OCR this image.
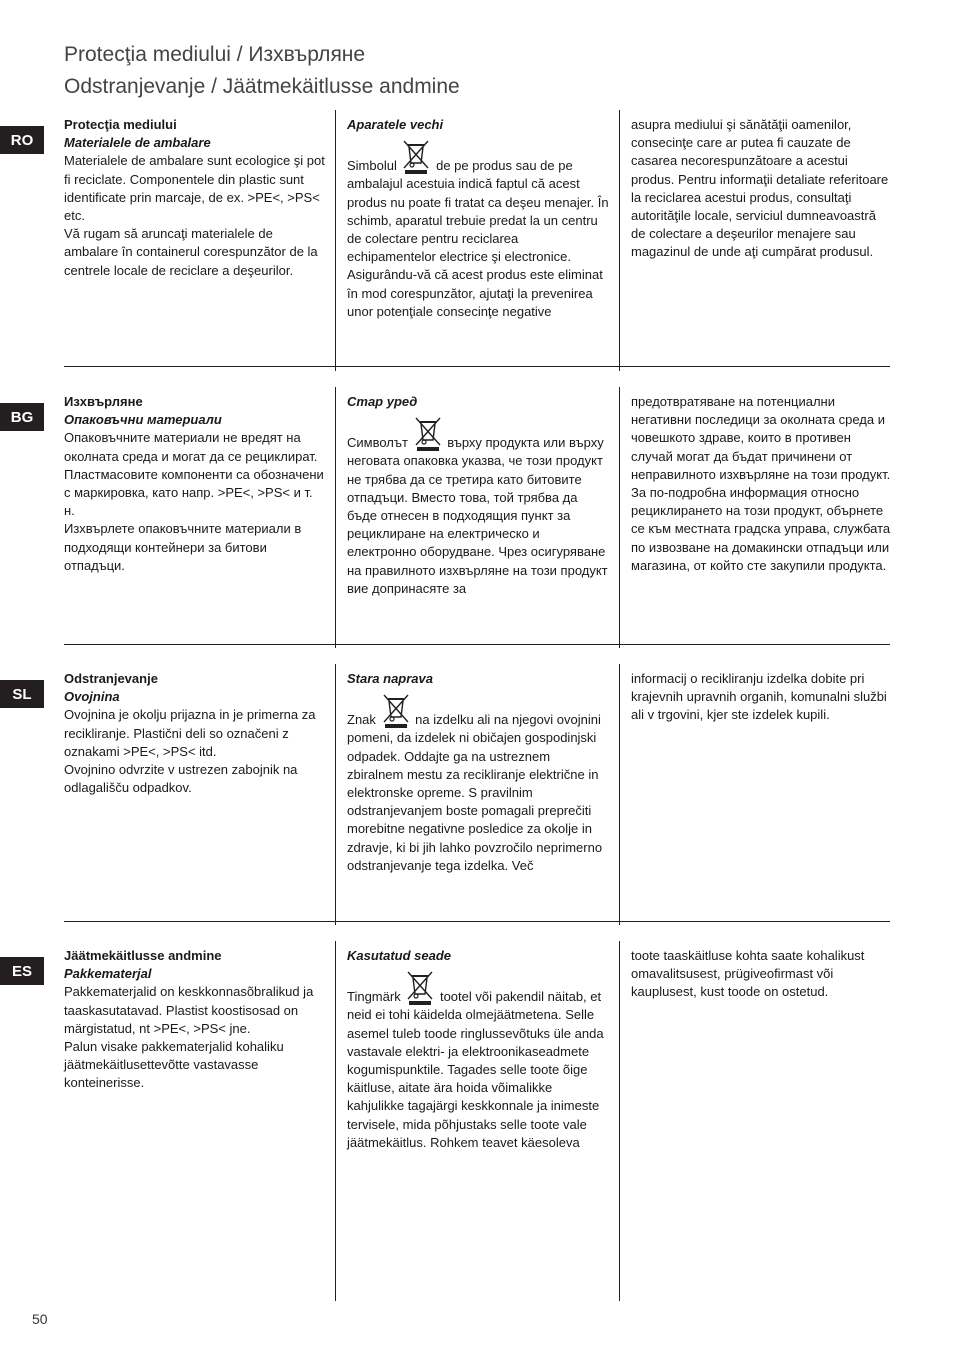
Protecţia mediului / Изхвърляне
Odstranjevanje / Jäätmekäitlusse andmine
RO
Protecţia mediului
Materialele de ambalare
Materialele de ambalare sunt ecologice şi pot fi reciclate. Componentele din plastic sunt identificate prin marcaje, de ex. >PE<, >PS< etc.
Vă rugam să aruncaţi materialele de ambalare în containerul corespunzător de la centrele locale de reciclare a deşeurilor.
Aparatele vechi
Simbolul	de pe produs sau de pe ambalajul acestuia indică faptul că acest produs nu poate fi tratat ca deşeu menajer. În schimb, aparatul trebuie predat la un centru de colectare pentru reciclarea echipamentelor electrice şi electronice. Asigurându-vă că acest produs este eliminat în mod corespunzător, ajutaţi la prevenirea unor potenţiale consecinţe negative
asupra mediului şi sănătăţii oamenilor, consecinţe care ar putea fi cauzate de casarea necorespunzătoare a acestui produs. Pentru informaţii detaliate referitoare la reciclarea acestui produs, consultaţi autorităţile locale, serviciul dumneavoastră de colectare a deşeurilor menajere sau magazinul de unde aţi cumpărat produsul.
BG
Изхвърляне
Опаковъчни материали
Опаковъчните материали не вредят на околната среда и могат да се рециклират. Пластмасовите компоненти са обозначени с маркировка, като напр. >PE<, >PS< и т. н.
Изхвърлете опаковъчните материали в подходящи контейнери за битови отпадъци.
Стар уред
Символът	върху продукта или върху неговата опаковка указва, че този продукт не трябва да се третира като битовите отпадъци. Вместо това, той трябва да бъде отнесен в подходящия пункт за рециклиране на електрическо и електронно оборудване. Чрез осигуряване на правилното изхвърляне на този продукт вие допринасяте за
предотвратяване на потенциални негативни последици за околната среда и човешкото здраве, които в противен случай могат да бъдат причинени от неправилното изхвърляне на този продукт. За по-подробна информация относно рециклирането на този продукт, обърнете се към местната градска управа, службата по извозване на домакински отпадъци или магазина, от който сте закупили продукта.
SL
Odstranjevanje
Ovojnina
Ovojnina je okolju prijazna in je primerna za recikliranje. Plastični deli so označeni z oznakami >PE<, >PS< itd.
Ovojnino odvrzite v ustrezen zabojnik na odlagališču odpadkov.
Stara naprava
Znak	na izdelku ali na njegovi ovojnini pomeni, da izdelek ni običajen gospodinjski odpadek. Oddajte ga na ustreznem zbiralnem mestu za recikliranje električne in elektronske opreme. S pravilnim odstranjevanjem boste pomagali preprečiti morebitne negativne posledice za okolje in zdravje, ki bi jih lahko povzročilo neprimerno odstranjevanje tega izdelka. Več
informacij o recikliranju izdelka dobite pri krajevnih upravnih organih, komunalni službi ali v trgovini, kjer ste izdelek kupili.
ES
Jäätmekäitlusse andmine
Pakkematerjal
Pakkematerjalid on keskkonnasõbralikud ja taaskasutatavad. Plastist koostisosad on märgistatud, nt >PE<, >PS< jne.
Palun visake pakkematerjalid kohaliku jäätmekäitlusettevõtte vastavasse konteinerisse.
Kasutatud seade
Tingmärk	tootel või pakendil näitab, et neid ei tohi käidelda olmejäätmetena. Selle asemel tuleb toode ringlussevõtuks üle anda vastavale elektri- ja elektroonikaseadmete kogumispunktile. Tagades selle toote õige käitluse, aitate ära hoida võimalikke kahjulikke tagajärgi keskkonnale ja inimeste tervisele, mida põhjustaks selle toote vale jäätmekäitlus. Rohkem teavet käesoleva
toote taaskäitluse kohta saate kohalikust omavalitsusest, prügiveofirmast või kauplusest, kust toode on ostetud.
50
